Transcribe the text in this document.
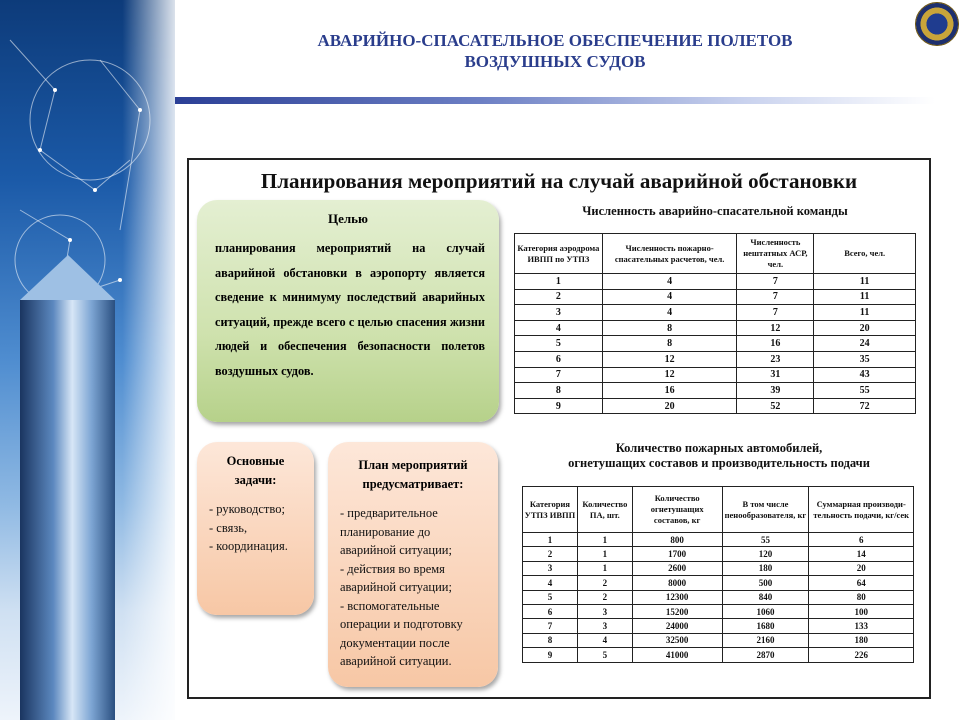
АВАРИЙНО-СПАСАТЕЛЬНОЕ ОБЕСПЕЧЕНИЕ ПОЛЕТОВ
ВОЗДУШНЫХ СУДОВ
Планирования мероприятий на случай аварийной обстановки
Целью

планирования мероприятий на случай аварийной обстановки в аэропорту является сведение к минимуму последствий аварийных ситуаций, прежде всего с целью спасения жизни людей и обеспечения безопасности полетов воздушных судов.

Основные
задачи:
- руководство;
- связь,
- координация.
План мероприятий
предусматривает:
- предварительное планирование до аварийной ситуации;
- действия во время аварийной ситуации;
- вспомогательные операции и подготовку документации после аварийной ситуации.
Численность аварийно-спасательной команды
Категория аэродрома ИВПП по УТПЗ	Численность пожарно-спасательных расчетов, чел.	Численность нештатных АСР, чел.	Всего, чел.
1	4	7	11
2	4	7	11
3	4	7	11
4	8	12	20
5	8	16	24
6	12	23	35
7	12	31	43
8	16	39	55
9	20	52	72
Количество пожарных автомобилей,
огнетушащих составов и производительность подачи
Категория УТПЗ ИВПП	Количество ПА, шт.	Количество огнетушащих составов, кг	В том числе пенообразователя, кг	Суммарная производи-тельность подачи, кг/сек
1	1	800	55	6
2	1	1700	120	14
3	1	2600	180	20
4	2	8000	500	64
5	2	12300	840	80
6	3	15200	1060	100
7	3	24000	1680	133
8	4	32500	2160	180
9	5	41000	2870	226
